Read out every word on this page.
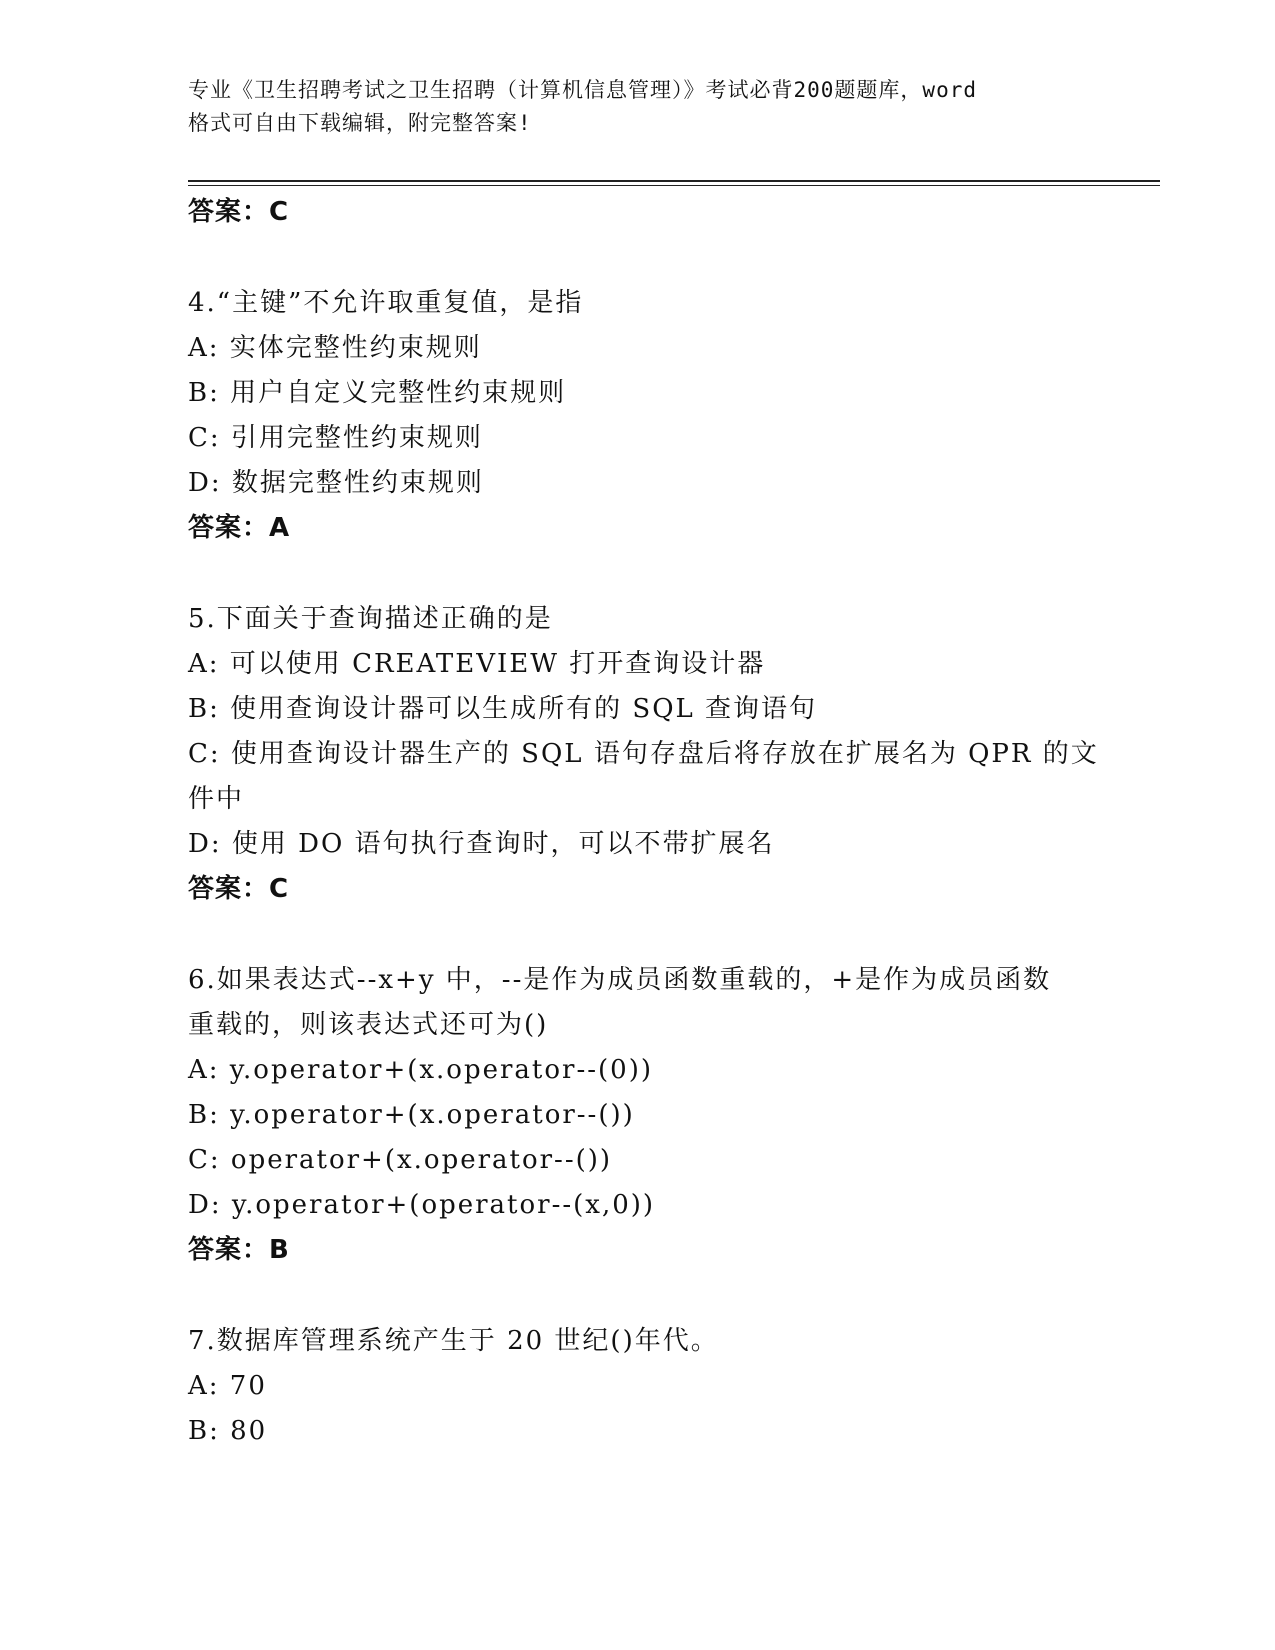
专业《卫生招聘考试之卫生招聘（计算机信息管理）》考试必背200题题库，word
格式可自由下载编辑，附完整答案!
答案：C
4.“主键”不允许取重复值，是指
A: 实体完整性约束规则
B: 用户自定义完整性约束规则
C: 引用完整性约束规则
D: 数据完整性约束规则
答案：A
5.下面关于查询描述正确的是
A: 可以使用 CREATEVIEW 打开查询设计器
B: 使用查询设计器可以生成所有的 SQL 查询语句
C: 使用查询设计器生产的 SQL 语句存盘后将存放在扩展名为 QPR 的文
件中
D: 使用 DO 语句执行查询时，可以不带扩展名
答案：C
6.如果表达式--x+y 中，--是作为成员函数重载的，+是作为成员函数
重载的，则该表达式还可为()
A: y.operator+(x.operator--(0))
B: y.operator+(x.operator--())
C: operator+(x.operator--())
D: y.operator+(operator--(x,0))
答案：B
7.数据库管理系统产生于 20 世纪()年代。
A: 70
B: 80
